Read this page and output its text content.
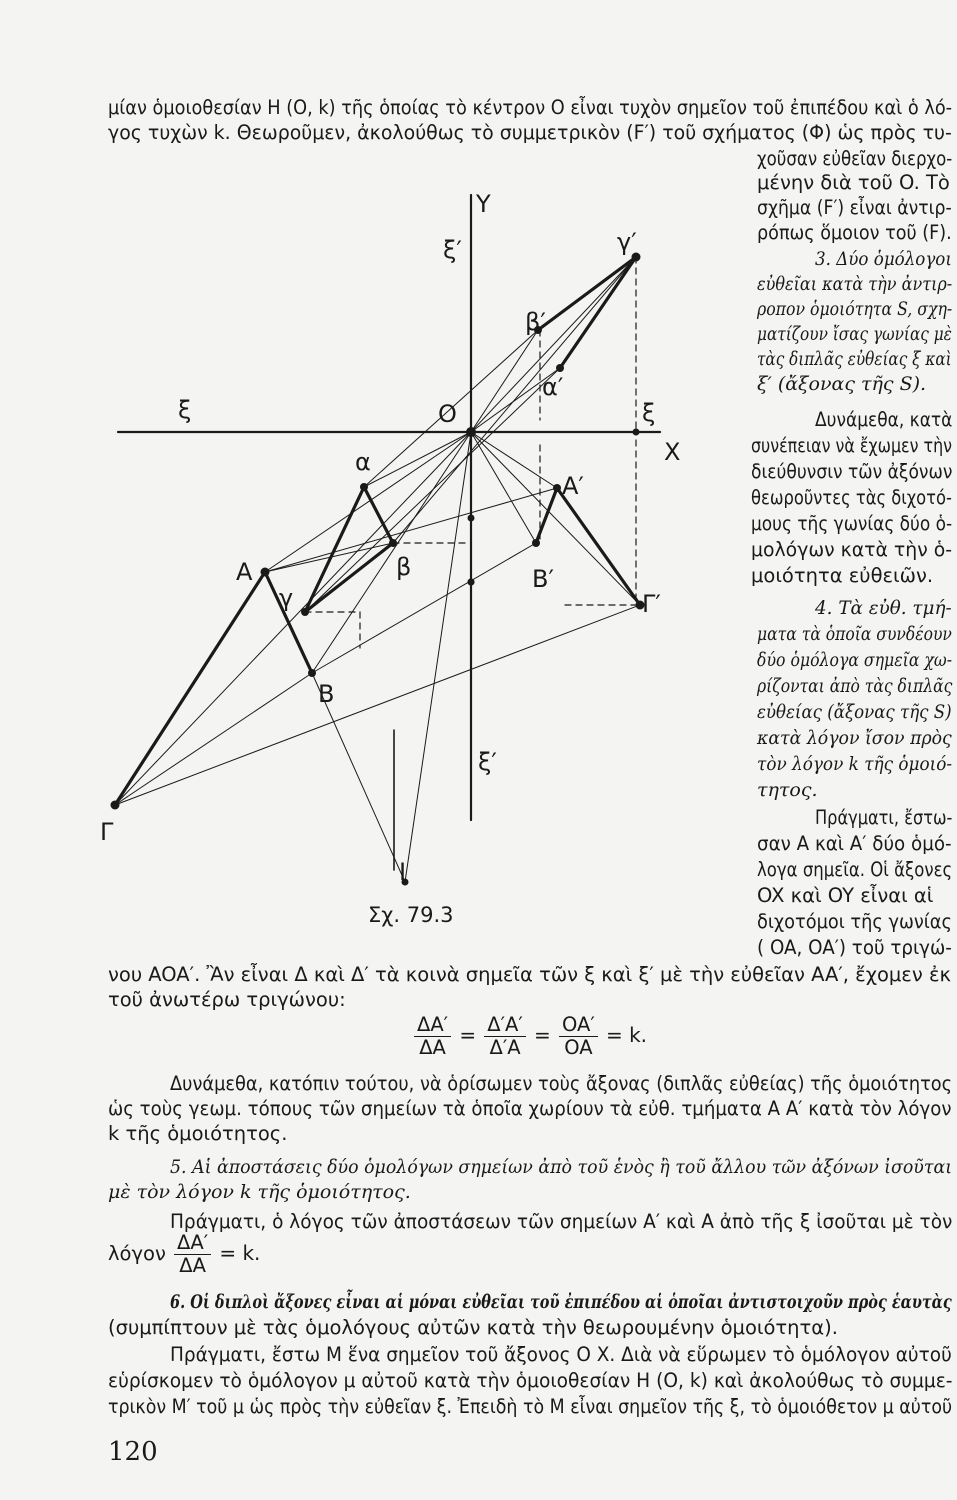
Y
ξ′	γ′
β′
α′
ξ	O	ξ
X
α
A′
A	β	B′
γ	Γ′
B
ξ′
Γ
I
Σχ. 79.3
μίαν ὁμοιοθεσίαν H (O, k) τῆς ὁποίας τὸ κέντρον O εἶναι τυχὸν σημεῖον τοῦ ἐπιπέδου καὶ ὁ λό-
γος τυχὼν k. Θεωροῦμεν, ἀκολούθως τὸ συμμετρικὸν (F′) τοῦ σχήματος (Φ) ὡς πρὸς τυ-
χοῦσαν εὐθεῖαν διερχο-
μένην διὰ τοῦ O. Τὸ
σχῆμα (F′) εἶναι ἀντιρ-
ρόπως ὅμοιον τοῦ (F).
3. Δύο ὁμόλογοι
εὐθεῖαι κατὰ τὴν ἀντιρ-
ροπον ὁμοιότητα S, σχη-
ματίζουν ἴσας γωνίας μὲ
τὰς διπλᾶς εὐθείας ξ καὶ
ξ′ (ἄξονας τῆς S).
Δυνάμεθα, κατὰ
συνέπειαν νὰ ἔχωμεν τὴν
διεύθυνσιν τῶν ἀξόνων
θεωροῦντες τὰς διχοτό-
μους τῆς γωνίας δύο ὁ-
μολόγων κατὰ τὴν ὁ-
μοιότητα εὐθειῶν.
4. Τὰ εὐθ. τμή-
ματα τὰ ὁποῖα συνδέουν
δύο ὁμόλογα σημεῖα χω-
ρίζονται ἀπὸ τὰς διπλᾶς
εὐθείας (ἄξονας τῆς S)
κατὰ λόγον ἴσον πρὸς
τὸν λόγον k τῆς ὁμοιό-
τητος.
Πράγματι, ἔστω-
σαν A καὶ A′ δύο ὁμό-
λογα σημεῖα. Οἱ ἄξονες
OX καὶ OY εἶναι αἱ
διχοτόμοι τῆς γωνίας
( OA, OA′) τοῦ τριγώ-
νου AOA′. Ἂν εἶναι Δ καὶ Δ′ τὰ κοινὰ σημεῖα τῶν ξ καὶ ξ′ μὲ τὴν εὐθεῖαν AA′, ἔχομεν ἐκ
τοῦ ἀνωτέρω τριγώνου:
$\frac{\Delta A'}{\Delta A} = \frac{\Delta'A'}{\Delta'A} = \frac{OA'}{OA} = k$.
Δυνάμεθα, κατόπιν τούτου, νὰ ὁρίσωμεν τοὺς ἄξονας (διπλᾶς εὐθείας) τῆς ὁμοιότητος
ὡς τοὺς γεωμ. τόπους τῶν σημείων τὰ ὁποῖα χωρίουν τὰ εὐθ. τμήματα A A′ κατὰ τὸν λόγον
k τῆς ὁμοιότητος.
5. Αἱ ἀποστάσεις δύο ὁμολόγων σημείων ἀπὸ τοῦ ἑνὸς ἢ τοῦ ἄλλου τῶν ἀξόνων ἰσοῦται
μὲ τὸν λόγον k τῆς ὁμοιότητος.
Πράγματι, ὁ λόγος τῶν ἀποστάσεων τῶν σημείων A′ καὶ A ἀπὸ τῆς ξ ἰσοῦται μὲ τὸν
λόγον $\frac{\Delta A'}{\Delta A} = k$.
6. Οἱ διπλοὶ ἄξονες εἶναι αἱ μόναι εὐθεῖαι τοῦ ἐπιπέδου αἱ ὁποῖαι ἀντιστοιχοῦν πρὸς ἑαυτὰς
(συμπίπτουν μὲ τὰς ὁμολόγους αὐτῶν κατὰ τὴν θεωρουμένην ὁμοιότητα).
Πράγματι, ἔστω M ἕνα σημεῖον τοῦ ἄξονος O X. Διὰ νὰ εὕρωμεν τὸ ὁμόλογον αὐτοῦ
εὑρίσκομεν τὸ ὁμόλογον μ αὐτοῦ κατὰ τὴν ὁμοιοθεσίαν H (O, k) καὶ ἀκολούθως τὸ συμμε-
τρικὸν M′ τοῦ μ ὡς πρὸς τὴν εὐθεῖαν ξ. Ἐπειδὴ τὸ M εἶναι σημεῖον τῆς ξ, τὸ ὁμοιόθετον μ αὐτοῦ
120
